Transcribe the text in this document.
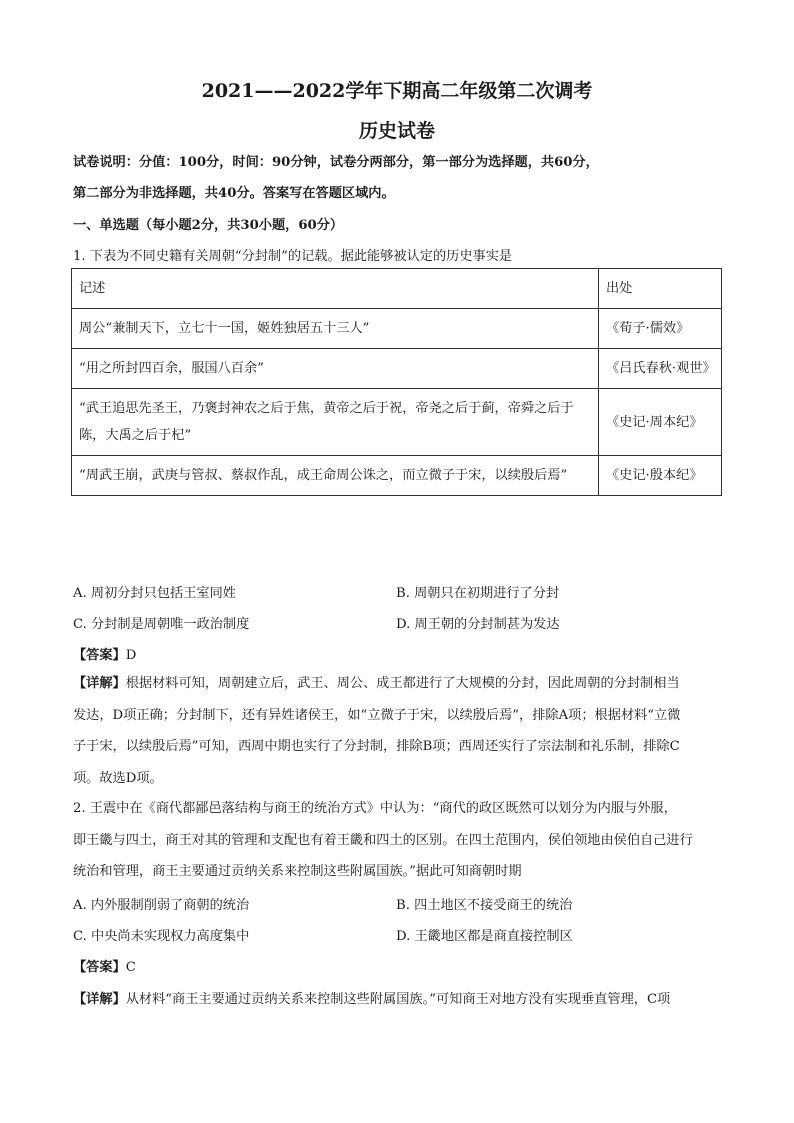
2021——2022学年下期高二年级第二次调考
历史试卷
试卷说明：分值：100分，时间：90分钟，试卷分两部分，第一部分为选择题，共60分，
第二部分为非选择题，共40分。答案写在答题区域内。
一、单选题（每小题2分，共30小题，60分）
1. 下表为不同史籍有关周朝“分封制”的记载。据此能够被认定的历史事实是
记述	出处
周公“兼制天下，立七十一国，姬姓独居五十三人”	《荀子·儒效》
“用之所封四百余，服国八百余”	《吕氏春秋·观世》
“武王追思先圣王，乃褒封神农之后于焦，黄帝之后于祝，帝尧之后于蓟，帝舜之后于陈，大禹之后于杞”	《史记·周本纪》
“周武王崩，武庚与管叔、蔡叔作乱，成王命周公诛之，而立微子于宋，以续殷后焉”	《史记·殷本纪》
A. 周初分封只包括王室同姓	B. 周朝只在初期进行了分封
C. 分封制是周朝唯一政治制度	D. 周王朝的分封制甚为发达
【答案】D
【详解】根据材料可知，周朝建立后，武王、周公、成王都进行了大规模的分封，因此周朝的分封制相当
发达，D项正确；分封制下，还有异姓诸侯王，如“立微子于宋，以续殷后焉”，排除A项；根据材料“立微
子于宋，以续殷后焉”可知，西周中期也实行了分封制，排除B项；西周还实行了宗法制和礼乐制，排除C
项。故选D项。
2. 王震中在《商代都鄙邑落结构与商王的统治方式》中认为：“商代的政区既然可以划分为内服与外服，
即王畿与四土，商王对其的管理和支配也有着王畿和四土的区别。在四土范围内，侯伯领地由侯伯自己进行
统治和管理，商王主要通过贡纳关系来控制这些附属国族。”据此可知商朝时期
A. 内外服制削弱了商朝的统治	B. 四土地区不接受商王的统治
C. 中央尚未实现权力高度集中	D. 王畿地区都是商直接控制区
【答案】C
【详解】从材料“商王主要通过贡纳关系来控制这些附属国族。”可知商王对地方没有实现垂直管理，C项
